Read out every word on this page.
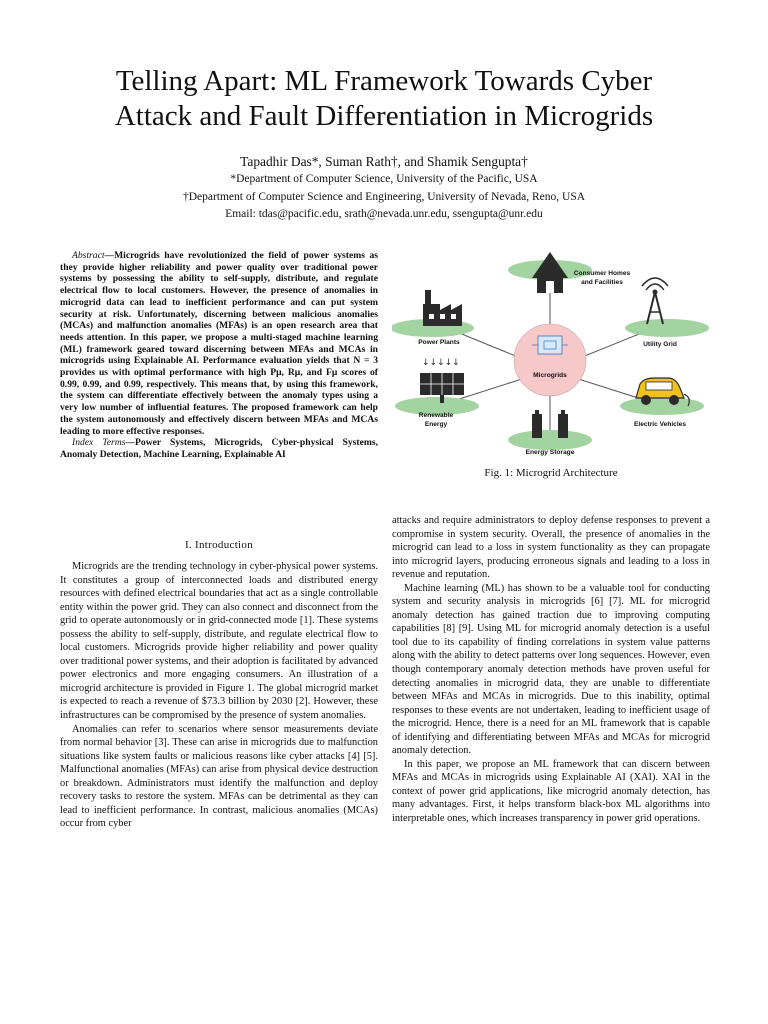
Telling Apart: ML Framework Towards Cyber
Attack and Fault Differentiation in Microgrids
Tapadhir Das*, Suman Rath†, and Shamik Sengupta†
*Department of Computer Science, University of the Pacific, USA
†Department of Computer Science and Engineering, University of Nevada, Reno, USA
Email: tdas@pacific.edu, srath@nevada.unr.edu, ssengupta@unr.edu

Abstract—Microgrids have revolutionized the field of power systems as they provide higher reliability and power quality over traditional power systems by possessing the ability to self-supply, distribute, and regulate electrical flow to local customers. However, the presence of anomalies in microgrid data can lead to inefficient performance and can put system security at risk. Unfortunately, discerning between malicious anomalies (MCAs) and malfunction anomalies (MFAs) is an open research area that needs attention. In this paper, we propose a multi-staged machine learning (ML) framework geared toward discerning between MFAs and MCAs in microgrids using Explainable AI. Performance evaluation yields that N = 3 provides us with optimal performance with high Pμ, Rμ, and Fμ scores of 0.99, 0.99, and 0.99, respectively. This means that, by using this framework, the system can differentiate effectively between the anomaly types using a very low number of influential features. The proposed framework can help the system autonomously and effectively discern between MFAs and MCAs leading to more effective responses.

Index Terms—Power Systems, Microgrids, Cyber-physical Systems, Anomaly Detection, Machine Learning, Explainable AI

I. Introduction

Microgrids are the trending technology in cyber-physical power systems. It constitutes a group of interconnected loads and distributed energy resources with defined electrical boundaries that act as a single controllable entity within the power grid. They can also connect and disconnect from the grid to operate autonomously or in grid-connected mode [1]. These systems possess the ability to self-supply, distribute, and regulate electrical flow to local customers. Microgrids provide higher reliability and power quality over traditional power systems, and their adoption is facilitated by advanced power electronics and more engaging consumers. An illustration of a microgrid architecture is provided in Figure 1. The global microgrid market is expected to reach a revenue of $73.3 billion by 2030 [2]. However, these infrastructures can be compromised by the presence of system anomalies.

Anomalies can refer to scenarios where sensor measurements deviate from normal behavior [3]. These can arise in microgrids due to malfunction situations like system faults or malicious reasons like cyber attacks [4] [5]. Malfunctional anomalies (MFAs) can arise from physical device destruction or breakdown. Administrators must identify the malfunction and deploy recovery tasks to restore the system. MFAs can be detrimental as they can lead to inefficient performance. In contrast, malicious anomalies (MCAs) occur from cyber

Microgrids
Consumer Homes
and Facilities
Power Plants	Utility Grid
↓↓↓↓↓
Renewable
Energy	Electric Vehicles
Energy Storage
Fig. 1: Microgrid Architecture

attacks and require administrators to deploy defense responses to prevent a compromise in system security. Overall, the presence of anomalies in the microgrid can lead to a loss in system functionality as they can propagate into microgrid layers, producing erroneous signals and leading to a loss in revenue and reputation.

Machine learning (ML) has shown to be a valuable tool for conducting system and security analysis in microgrids [6] [7]. ML for microgrid anomaly detection has gained traction due to improving computing capabilities [8] [9]. Using ML for microgrid anomaly detection is a useful tool due to its capability of finding correlations in system value patterns along with the ability to detect patterns over long sequences. However, even though contemporary anomaly detection methods have proven useful for detecting anomalies in microgrid data, they are unable to differentiate between MFAs and MCAs in microgrids. Due to this inability, optimal responses to these events are not undertaken, leading to inefficient usage of the microgrid. Hence, there is a need for an ML framework that is capable of identifying and differentiating between MFAs and MCAs for microgrid anomaly detection.

In this paper, we propose an ML framework that can discern between MFAs and MCAs in microgrids using Explainable AI (XAI). XAI in the context of power grid applications, like microgrid anomaly detection, has many advantages. First, it helps transform black-box ML algorithms into interpretable ones, which increases transparency in power grid operations.
